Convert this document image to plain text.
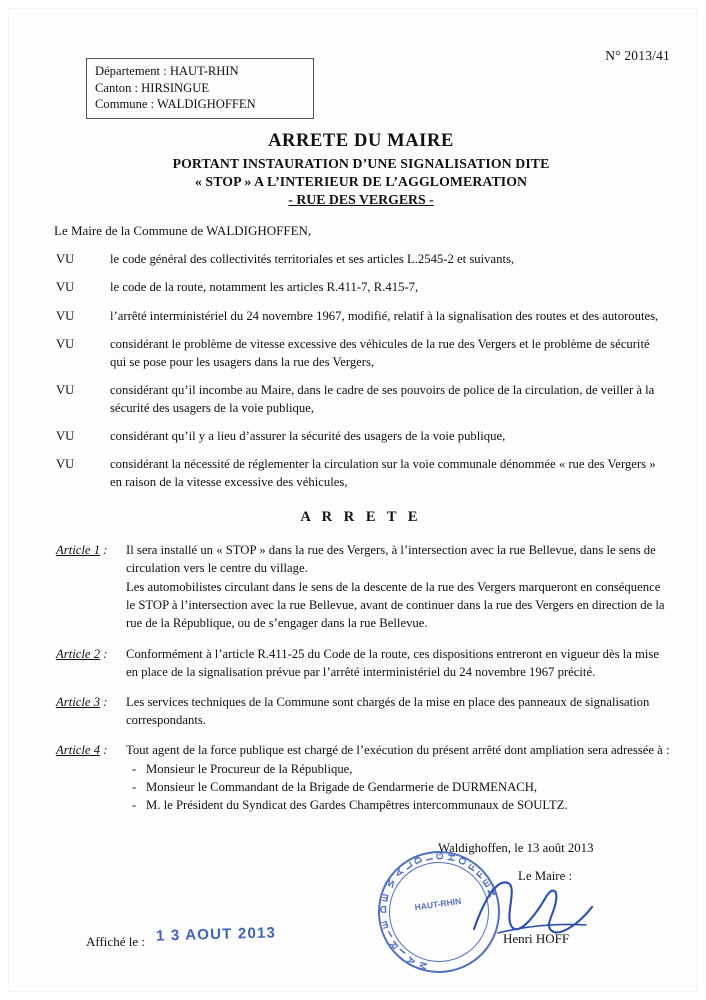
N° 2013/41
Département : HAUT-RHIN
Canton : HIRSINGUE
Commune : WALDIGHOFFEN
ARRETE DU MAIRE
PORTANT INSTAURATION D’UNE SIGNALISATION DITE
« STOP » A L’INTERIEUR DE L’AGGLOMERATION
- RUE DES VERGERS -

Le Maire de la Commune de WALDIGHOFFEN,

VU	le code général des collectivités territoriales et ses articles L.2545-2 et suivants,
VU	le code de la route, notamment les articles R.411-7, R.415-7,
VU	l’arrêté interministériel du 24 novembre 1967, modifié, relatif à la signalisation des routes et des autoroutes,
VU	considérant le problème de vitesse excessive des véhicules de la rue des Vergers et le problème de sécurité qui se pose pour les usagers dans la rue des Vergers,
VU	considérant qu’il incombe au Maire, dans le cadre de ses pouvoirs de police de la circulation, de veiller à la sécurité des usagers de la voie publique,
VU	considérant qu’il y a lieu d’assurer la sécurité des usagers de la voie publique,
VU	considérant la nécessité de réglementer la circulation sur la voie communale dénommée « rue des Vergers » en raison de la vitesse excessive des véhicules,
A R R E T E
Article 1 :	Il sera installé un « STOP » dans la rue des Vergers, à l’intersection avec la rue Bellevue, dans le sens de circulation vers le centre du village.

Les automobilistes circulant dans le sens de la descente de la rue des Vergers marqueront en conséquence le STOP à l’intersection avec la rue Bellevue, avant de continuer dans la rue des Vergers en direction de la rue de la République, ou de s’engager dans la rue Bellevue.

Article 2 :	Conformément à l’article R.411-25 du Code de la route, ces dispositions entreront en vigueur dès la mise en place de la signalisation prévue par l’arrêté interministériel du 24 novembre 1967 précité.

Article 3 :	Les services techniques de la Commune sont chargés de la mise en place des panneaux de signalisation correspondants.

Article 4 :	Tout agent de la force publique est chargé de l’exécution du présent arrêté dont ampliation sera adressée à :

- Monsieur le Procureur de la République,
- Monsieur le Commandant de la Brigade de Gendarmerie de DURMENACH,
- M. le Président du Syndicat des Gardes Champêtres intercommunaux de SOULTZ.
Waldighoffen, le 13 août 2013
Le Maire :
Henri HOFF
M
A
I
R
I
E
D
E
W
A
L
D I
G H
O
F
F
E
N
HAUT-RHIN
Affiché le : 1 3 AOUT 2013
